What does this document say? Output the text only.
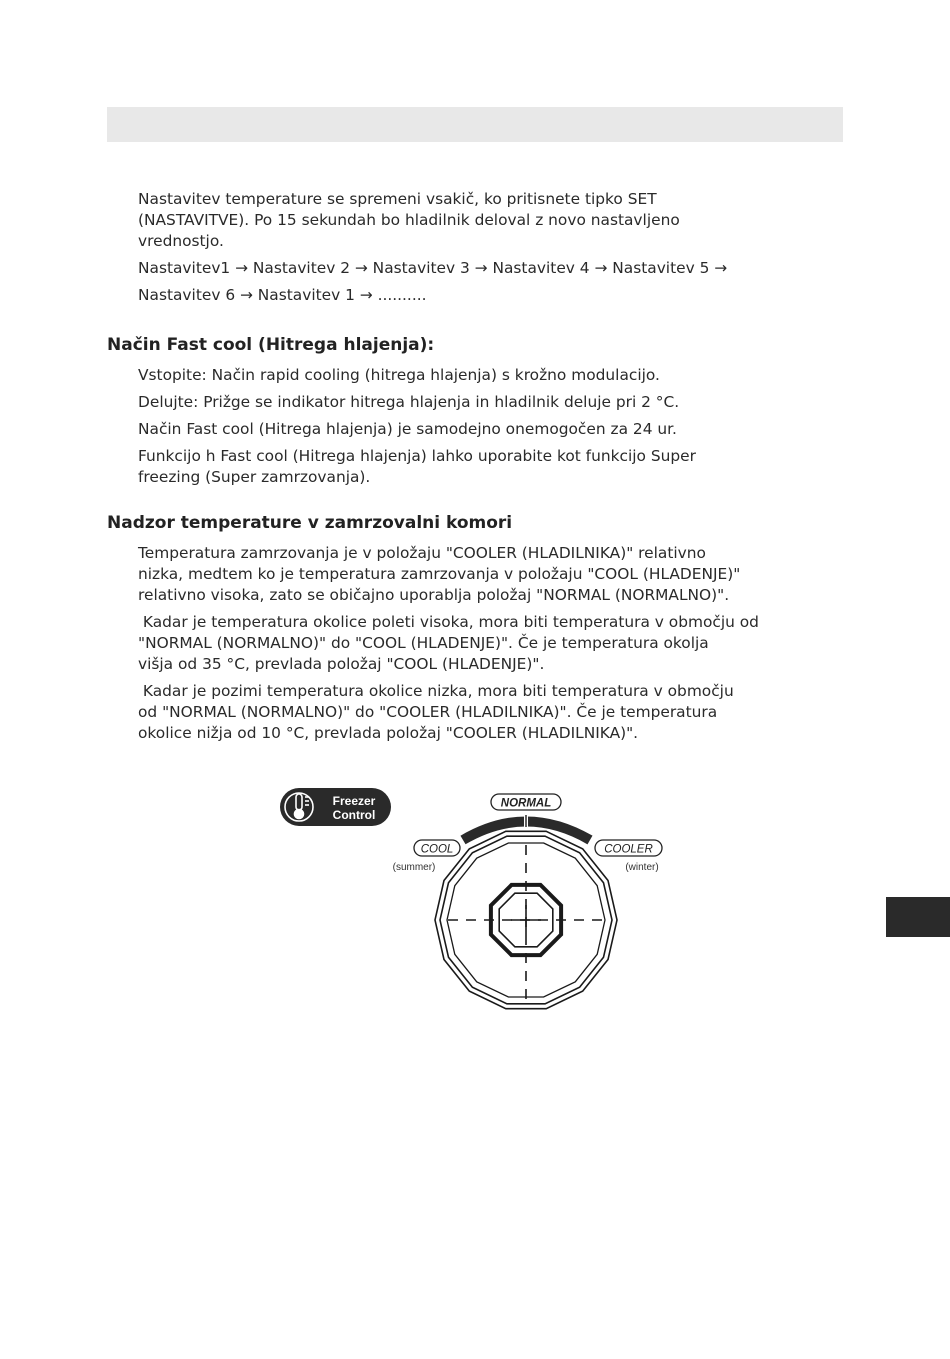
Nastavitev temperature se spremeni vsakič, ko pritisnete tipko SET
(NASTAVITVE). Po 15 sekundah bo hladilnik deloval z novo nastavljeno
vrednostjo.

Nastavitev1 → Nastavitev 2 → Nastavitev 3 → Nastavitev 4 → Nastavitev 5 →

Nastavitev 6 → Nastavitev 1 → ..........

Način Fast cool (Hitrega hlajenja):

Vstopite: Način rapid cooling (hitrega hlajenja) s krožno modulacijo.

Delujte: Prižge se indikator hitrega hlajenja in hladilnik deluje pri 2 °C.

Način Fast cool (Hitrega hlajenja) je samodejno onemogočen za 24 ur.

Funkcijo h Fast cool (Hitrega hlajenja) lahko uporabite kot funkcijo Super
freezing (Super zamrzovanja).

Nadzor temperature v zamrzovalni komori

Temperatura zamrzovanja je v položaju "COOLER (HLADILNIKA)" relativno
nizka, medtem ko je temperatura zamrzovanja v položaju "COOL (HLADENJE)"
relativno visoka, zato se običajno uporablja položaj "NORMAL (NORMALNO)".

Kadar je temperatura okolice poleti visoka, mora biti temperatura v območju od
"NORMAL (NORMALNO)" do "COOL (HLADENJE)". Če je temperatura okolja
višja od 35 °C, prevlada položaj "COOL (HLADENJE)".

Kadar je pozimi temperatura okolice nizka, mora biti temperatura v območju
od "NORMAL (NORMALNO)" do "COOLER (HLADILNIKA)". Če je temperatura
okolice nižja od 10 °C, prevlada položaj "COOLER (HLADILNIKA)".

Freezer
Control
NORMAL
COOL
(summer)
COOLER
(winter)
